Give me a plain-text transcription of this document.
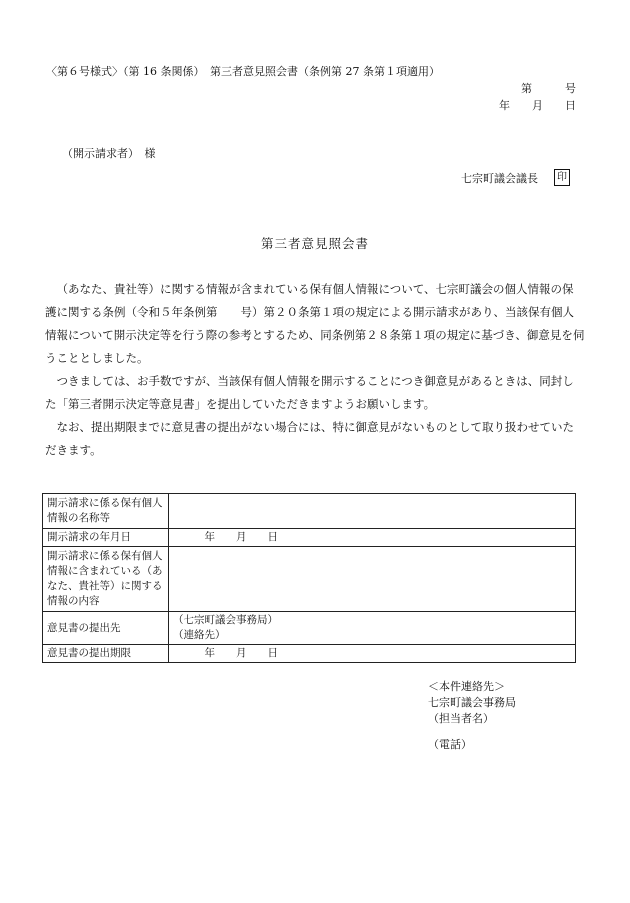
〈第６号様式〉（第 16 条関係）　第三者意見照会書（条例第 27 条第１項適用）
第　　　号
年　　月　　日
（開示請求者）　様
七宗町議会議長	印
第三者意見照会書

（あなた、貴社等）に関する情報が含まれている保有個人情報について、七宗町議会の個人情報の保護に関する条例（令和５年条例第　　号）第２０条第１項の規定による開示請求があり、当該保有個人情報について開示決定等を行う際の参考とするため、同条例第２８条第１項の規定に基づき、御意見を伺うこととしました。

つきましては、お手数ですが、当該保有個人情報を開示することにつき御意見があるときは、同封した「第三者開示決定等意見書」を提出していただきますようお願いします。

なお、提出期限までに意見書の提出がない場合には、特に御意見がないものとして取り扱わせていただきます。

開示請求に係る保有個人情報の名称等	
開示請求の年月日	　　　年　　月　　日
開示請求に係る保有個人情報に含まれている（あなた、貴社等）に関する情報の内容	
意見書の提出先	（七宗町議会事務局）
（連絡先）

意見書の提出期限	　　　年　　月　　日
＜本件連絡先＞
七宗町議会事務局
（担当者名）
（電話）
